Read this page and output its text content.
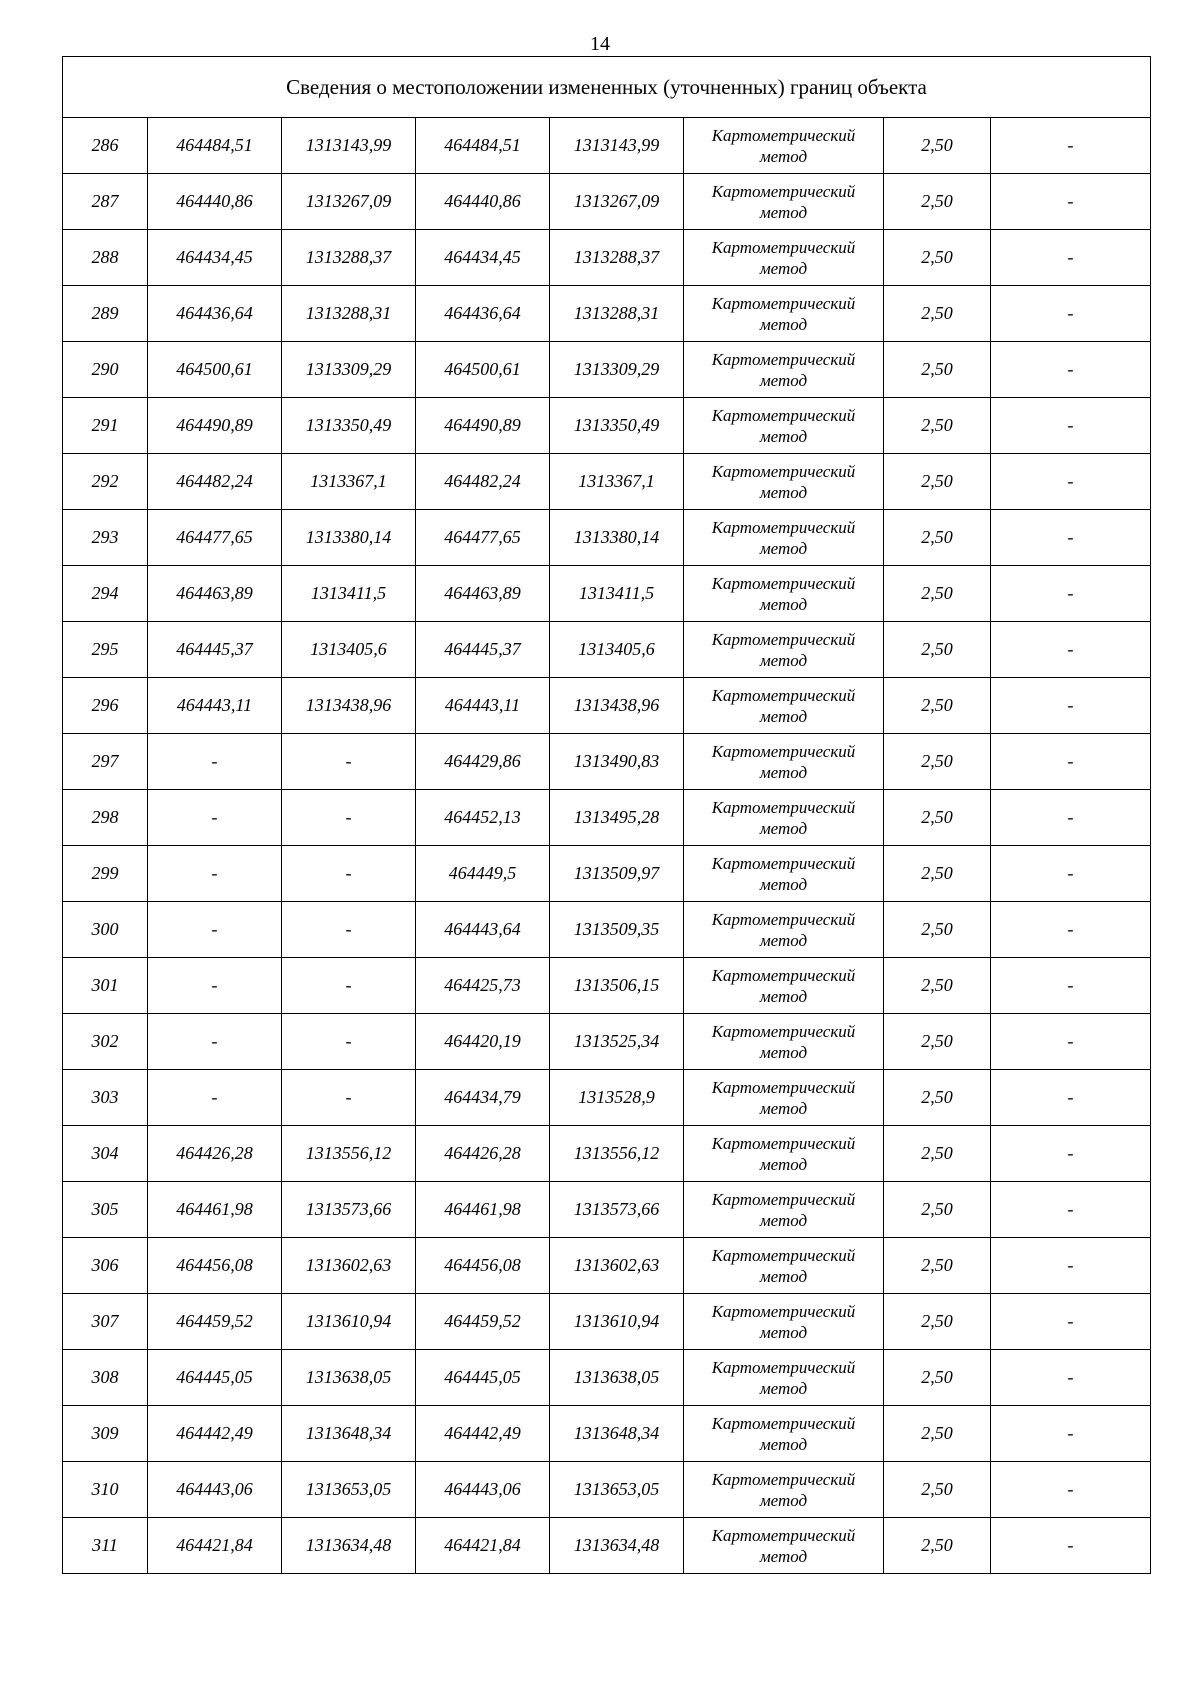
14
Сведения о местоположении измененных (уточненных) границ объекта							
286	464484,51	1313143,99	464484,51	1313143,99	Картометрический
метод	2,50	-
287	464440,86	1313267,09	464440,86	1313267,09	Картометрический
метод	2,50	-
288	464434,45	1313288,37	464434,45	1313288,37	Картометрический
метод	2,50	-
289	464436,64	1313288,31	464436,64	1313288,31	Картометрический
метод	2,50	-
290	464500,61	1313309,29	464500,61	1313309,29	Картометрический
метод	2,50	-
291	464490,89	1313350,49	464490,89	1313350,49	Картометрический
метод	2,50	-
292	464482,24	1313367,1	464482,24	1313367,1	Картометрический
метод	2,50	-
293	464477,65	1313380,14	464477,65	1313380,14	Картометрический
метод	2,50	-
294	464463,89	1313411,5	464463,89	1313411,5	Картометрический
метод	2,50	-
295	464445,37	1313405,6	464445,37	1313405,6	Картометрический
метод	2,50	-
296	464443,11	1313438,96	464443,11	1313438,96	Картометрический
метод	2,50	-
297	-	-	464429,86	1313490,83	Картометрический
метод	2,50	-
298	-	-	464452,13	1313495,28	Картометрический
метод	2,50	-
299	-	-	464449,5	1313509,97	Картометрический
метод	2,50	-
300	-	-	464443,64	1313509,35	Картометрический
метод	2,50	-
301	-	-	464425,73	1313506,15	Картометрический
метод	2,50	-
302	-	-	464420,19	1313525,34	Картометрический
метод	2,50	-
303	-	-	464434,79	1313528,9	Картометрический
метод	2,50	-
304	464426,28	1313556,12	464426,28	1313556,12	Картометрический
метод	2,50	-
305	464461,98	1313573,66	464461,98	1313573,66	Картометрический
метод	2,50	-
306	464456,08	1313602,63	464456,08	1313602,63	Картометрический
метод	2,50	-
307	464459,52	1313610,94	464459,52	1313610,94	Картометрический
метод	2,50	-
308	464445,05	1313638,05	464445,05	1313638,05	Картометрический
метод	2,50	-
309	464442,49	1313648,34	464442,49	1313648,34	Картометрический
метод	2,50	-
310	464443,06	1313653,05	464443,06	1313653,05	Картометрический
метод	2,50	-
311	464421,84	1313634,48	464421,84	1313634,48	Картометрический
метод	2,50	-
